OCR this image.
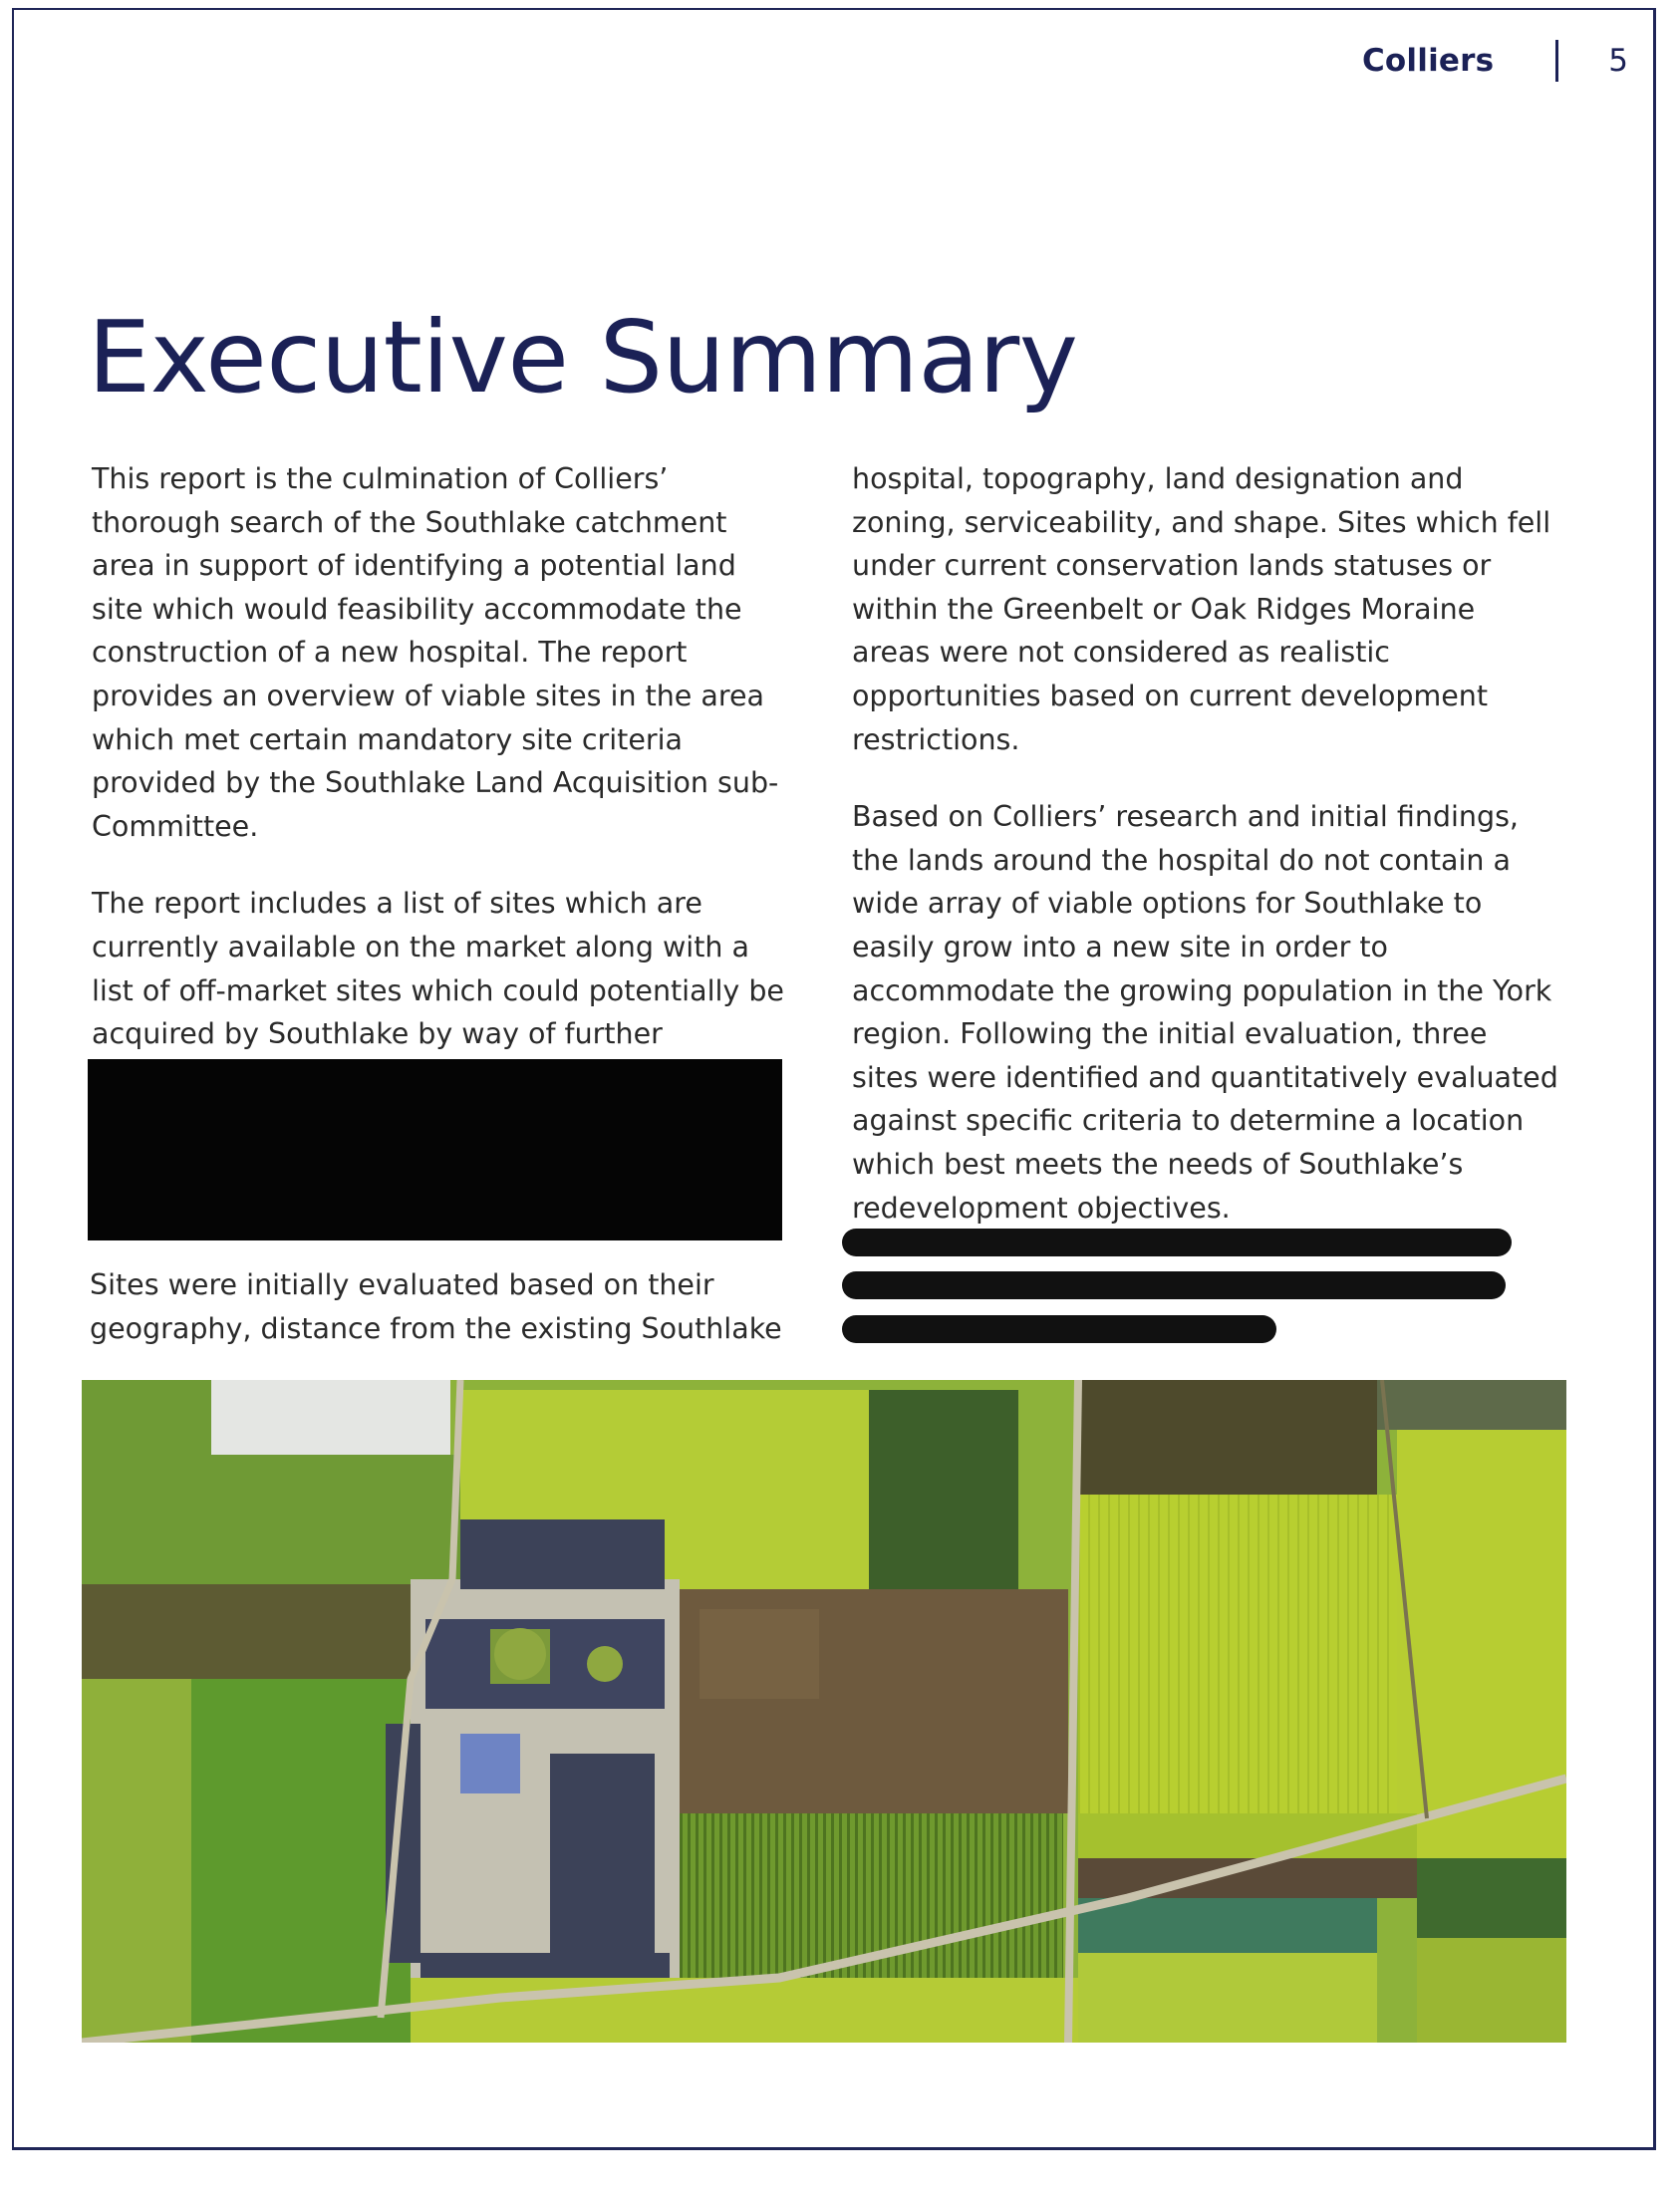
Colliers	5
Executive Summary

This report is the culmination of Colliers’ thorough search of the Southlake catchment area in support of identifying a potential land site which would feasibility accommodate the construction of a new hospital. The report provides an overview of viable sites in the area which met certain mandatory site criteria provided by the Southlake Land Acquisition sub-Committee.

The report includes a list of sites which are currently available on the market along with a list of off-market sites which could potentially be acquired by Southlake by way of further

Sites were initially evaluated based on their geography, distance from the existing Southlake

hospital, topography, land designation and zoning, serviceability, and shape. Sites which fell under current conservation lands statuses or within the Greenbelt or Oak Ridges Moraine areas were not considered as realistic opportunities based on current development restrictions.

Based on Colliers’ research and initial findings, the lands around the hospital do not contain a wide array of viable options for Southlake to easily grow into a new site in order to accommodate the growing population in the York region. Following the initial evaluation, three sites were identified and quantitatively evaluated against specific criteria to determine a location which best meets the needs of Southlake’s redevelopment objectives.
